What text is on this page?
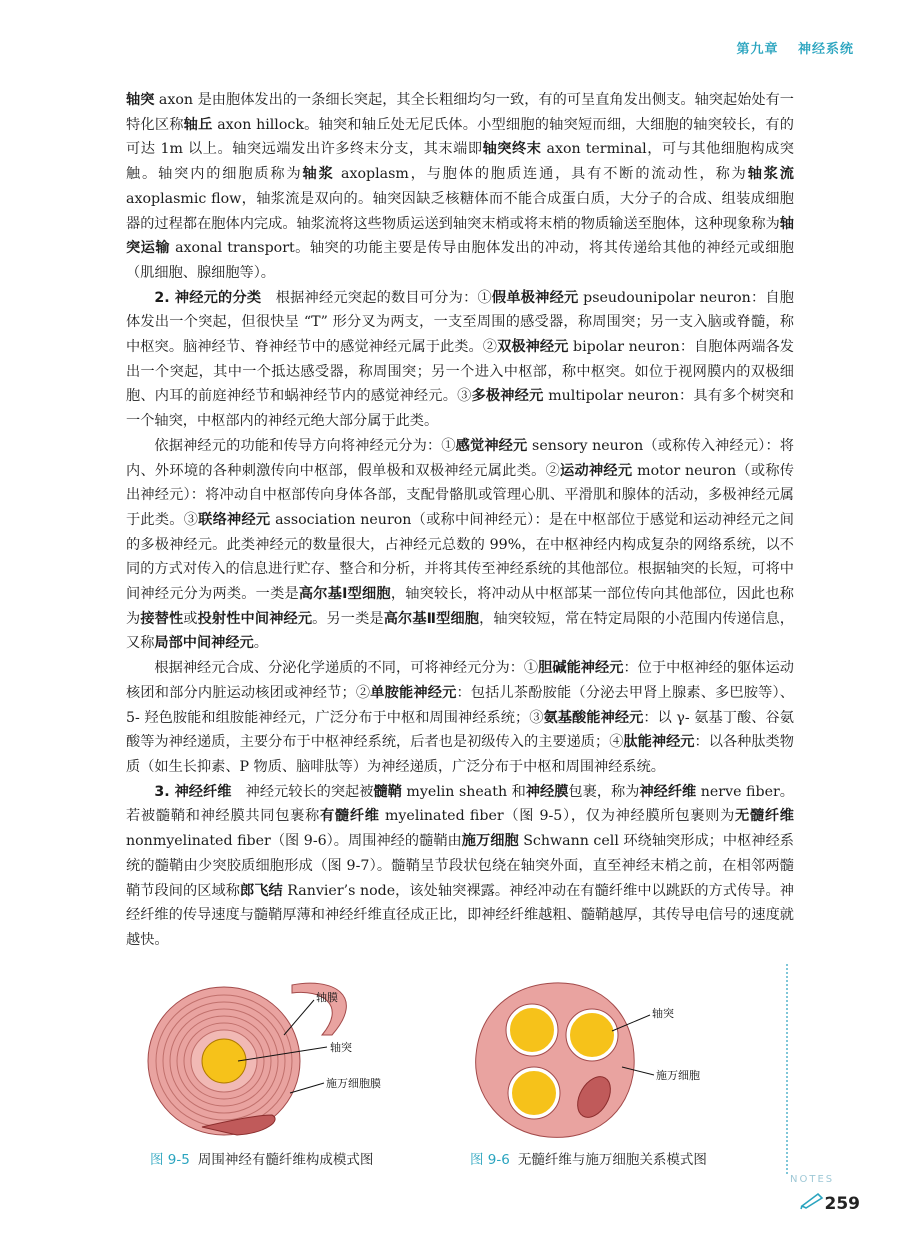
第九章 神经系统

轴突 axon 是由胞体发出的一条细长突起，其全长粗细均匀一致，有的可呈直角发出侧支。轴突起始处有一特化区称轴丘 axon hillock。轴突和轴丘处无尼氏体。小型细胞的轴突短而细，大细胞的轴突较长，有的可达 1m 以上。轴突远端发出许多终末分支，其末端即轴突终末 axon terminal，可与其他细胞构成突触。轴突内的细胞质称为轴浆 axoplasm，与胞体的胞质连通，具有不断的流动性，称为轴浆流 axoplasmic flow，轴浆流是双向的。轴突因缺乏核糖体而不能合成蛋白质，大分子的合成、组装成细胞器的过程都在胞体内完成。轴浆流将这些物质运送到轴突末梢或将末梢的物质输送至胞体，这种现象称为轴突运输 axonal transport。轴突的功能主要是传导由胞体发出的冲动，将其传递给其他的神经元或细胞（肌细胞、腺细胞等）。

2. 神经元的分类　根据神经元突起的数目可分为：①假单极神经元 pseudounipolar neuron：自胞体发出一个突起，但很快呈 “T” 形分叉为两支，一支至周围的感受器，称周围突；另一支入脑或脊髓，称中枢突。脑神经节、脊神经节中的感觉神经元属于此类。②双极神经元 bipolar neuron：自胞体两端各发出一个突起，其中一个抵达感受器，称周围突；另一个进入中枢部，称中枢突。如位于视网膜内的双极细胞、内耳的前庭神经节和蜗神经节内的感觉神经元。③多极神经元 multipolar neuron：具有多个树突和一个轴突，中枢部内的神经元绝大部分属于此类。

依据神经元的功能和传导方向将神经元分为：①感觉神经元 sensory neuron（或称传入神经元）：将内、外环境的各种刺激传向中枢部，假单极和双极神经元属此类。②运动神经元 motor neuron（或称传出神经元）：将冲动自中枢部传向身体各部，支配骨骼肌或管理心肌、平滑肌和腺体的活动，多极神经元属于此类。③联络神经元 association neuron（或称中间神经元）：是在中枢部位于感觉和运动神经元之间的多极神经元。此类神经元的数量很大，占神经元总数的 99%，在中枢神经内构成复杂的网络系统，以不同的方式对传入的信息进行贮存、整合和分析，并将其传至神经系统的其他部位。根据轴突的长短，可将中间神经元分为两类。一类是高尔基Ⅰ型细胞，轴突较长，将冲动从中枢部某一部位传向其他部位，因此也称为接替性或投射性中间神经元。另一类是高尔基Ⅱ型细胞，轴突较短，常在特定局限的小范围内传递信息，又称局部中间神经元。

根据神经元合成、分泌化学递质的不同，可将神经元分为：①胆碱能神经元：位于中枢神经的躯体运动核团和部分内脏运动核团或神经节；②单胺能神经元：包括儿茶酚胺能（分泌去甲肾上腺素、多巴胺等）、5- 羟色胺能和组胺能神经元，广泛分布于中枢和周围神经系统；③氨基酸能神经元：以 γ- 氨基丁酸、谷氨酸等为神经递质，主要分布于中枢神经系统，后者也是初级传入的主要递质；④肽能神经元：以各种肽类物质（如生长抑素、P 物质、脑啡肽等）为神经递质，广泛分布于中枢和周围神经系统。

3. 神经纤维　神经元较长的突起被髓鞘 myelin sheath 和神经膜包裹，称为神经纤维 nerve fiber。若被髓鞘和神经膜共同包裹称有髓纤维 myelinated fiber（图 9-5），仅为神经膜所包裹则为无髓纤维 nonmyelinated fiber（图 9-6）。周围神经的髓鞘由施万细胞 Schwann cell 环绕轴突形成；中枢神经系统的髓鞘由少突胶质细胞形成（图 9-7）。髓鞘呈节段状包绕在轴突外面，直至神经末梢之前，在相邻两髓鞘节段间的区域称郎飞结 Ranvier’s node，该处轴突裸露。神经冲动在有髓纤维中以跳跃的方式传导。神经纤维的传导速度与髓鞘厚薄和神经纤维直径成正比，即神经纤维越粗、髓鞘越厚，其传导电信号的速度就越快。

轴膜
轴突
施万细胞膜
图 9-5 周围神经有髓纤维构成模式图
轴突
施万细胞
图 9-6 无髓纤维与施万细胞关系模式图
NOTES
259
